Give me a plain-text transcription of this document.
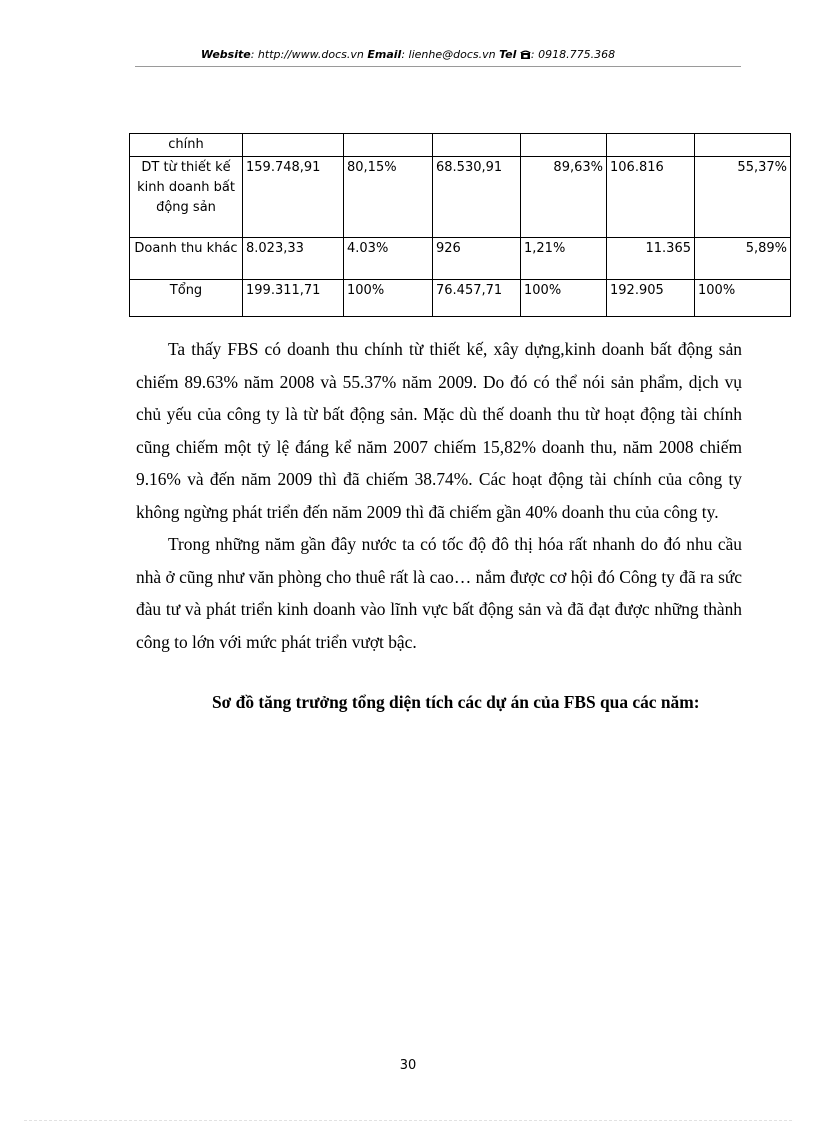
Website: http://www.docs.vn Email: lienhe@docs.vn Tel : 0918.775.368
chính						
DT từ thiết kế kinh doanh bất động sản	159.748,91	80,15%	68.530,91	89,63%	106.816	55,37%
Doanh thu khác	8.023,33	4.03%	926	1,21%	11.365	5,89%
Tổng	199.311,71	100%	76.457,71	100%	192.905	100%

Ta thấy FBS có doanh thu chính từ thiết kế, xây dựng,kinh doanh bất động sản chiếm 89.63% năm 2008 và 55.37% năm 2009. Do đó có thể nói sản phẩm, dịch vụ chủ yếu của công ty là từ bất động sản. Mặc dù thế doanh thu từ hoạt động tài chính cũng chiếm một tỷ lệ đáng kể năm 2007 chiếm 15,82% doanh thu, năm 2008 chiếm 9.16% và đến năm 2009 thì đã chiếm 38.74%. Các hoạt động tài chính của công ty không ngừng phát triển đến năm 2009 thì đã chiếm gần 40% doanh thu của công ty.

Trong những năm gần đây nước ta có tốc độ đô thị hóa rất nhanh do đó nhu cầu nhà ở cũng như văn phòng cho thuê rất là cao… nắm được cơ hội đó Công ty đã ra sức đàu tư và phát triển kinh doanh vào lĩnh vực bất động sản và đã đạt được những thành công to lớn với mức phát triển vượt bậc.

Sơ đồ tăng trưởng tổng diện tích các dự án của FBS qua các năm:
30
